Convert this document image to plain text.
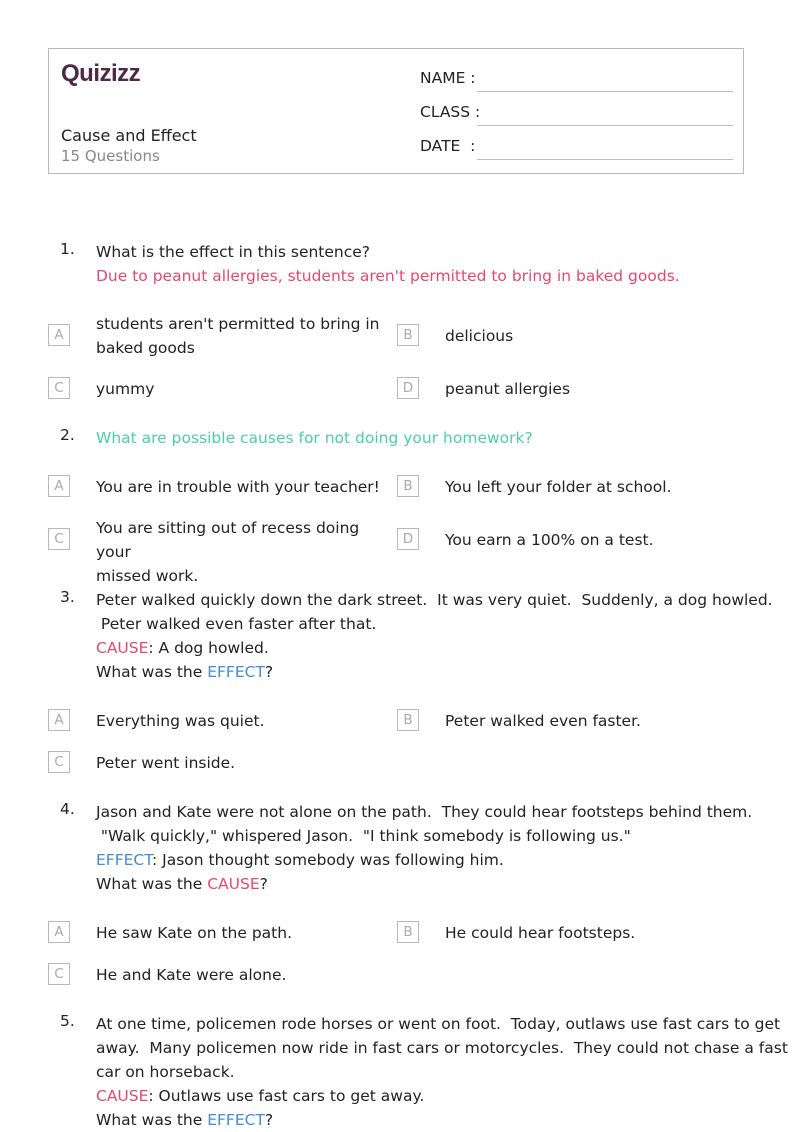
Quizizz
Cause and Effect
15 Questions
NAME :
CLASS :
DATE  :
1. What is the effect in this sentence?
Due to peanut allergies, students aren't permitted to bring in baked goods.
A
students aren't permitted to bring in
baked goods
B	delicious
C	yummy	D	peanut allergies
2. What are possible causes for not doing your homework?
A	You are in trouble with your teacher!	B	You left your folder at school.
C
You are sitting out of recess doing your
missed work.
D	You earn a 100% on a test.
3. Peter walked quickly down the dark street.  It was very quiet.  Suddenly, a dog howled.
Peter walked even faster after that.
CAUSE: A dog howled.
What was the EFFECT?
A	Everything was quiet.	B	Peter walked even faster.
C	Peter went inside.
4. Jason and Kate were not alone on the path.  They could hear footsteps behind them.
"Walk quickly," whispered Jason.  "I think somebody is following us."
EFFECT: Jason thought somebody was following him.
What was the CAUSE?
A	He saw Kate on the path.	B	He could hear footsteps.
C	He and Kate were alone.
5. At one time, policemen rode horses or went on foot.  Today, outlaws use fast cars to get
away.  Many policemen now ride in fast cars or motorcycles.  They could not chase a fast
car on horseback.
CAUSE: Outlaws use fast cars to get away.
What was the EFFECT?
